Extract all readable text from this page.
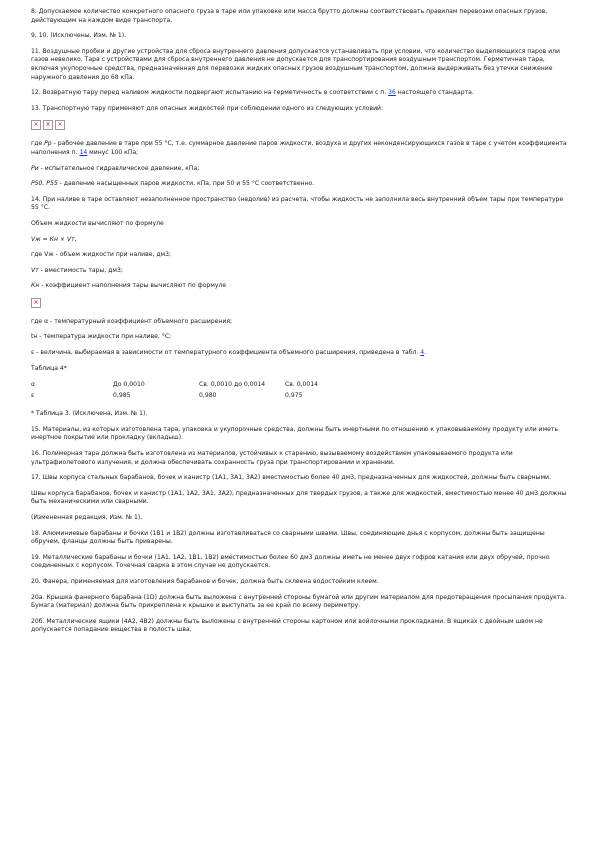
8. Допускаемое количество конкретного опасного груза в таре или упаковке или масса брутто должны соответствовать правилам перевозки опасных грузов, действующим на каждом виде транспорта.

9, 10. (Исключены, Изм. № 1).

11. Воздушные пробки и другие устройства для сброса внутреннего давления допускается устанавливать при условии, что количество выделяющихся паров или газов невелико. Тара с устройствами для сброса внутреннего давления не допускается для транспортирования воздушным транспортом. Герметичная тара, включая укупорочные средства, предназначенная для перевозки жидких опасных грузов воздушным транспортом, должна выдерживать без утечки снижение наружного давления до 68 кПа.

12. Возвратную тару перед наливом жидкости подвергают испытанию на герметичность в соответствии с п. 36 настоящего стандарта.

13. Транспортную тару применяют для опасных жидкостей при соблюдении одного из следующих условий:

× × ×

где Pp - рабочее давление в таре при 55 °С, т.е. суммарное давление паров жидкости, воздуха и других неконденсирующихся газов в таре с учетом коэффициента наполнения п. 14 минус 100 кПа;

Ри - испытательное гидравлическое давление, кПа;

P50, P55 - давление насыщенных паров жидкости, кПа, при 50 и 55 °С соответственно.

14. При наливе в таре оставляют незаполненное пространство (недолив) из расчета, чтобы жидкость не заполнила весь внутренний объем тары при температуре 55 °С.

Объем жидкости вычисляют по формуле

Vж = Кн × Vт,

где Vж - объем жидкости при наливе, дм3;

Vт - вместимость тары, дм3;

Кн - коэффициент наполнения тары вычисляют по формуле

×

где α - температурный коэффициент объемного расширения;

tн - температура жидкости при наливе, °С;

ε - величина, выбираемая в зависимости от температурного коэффициента объемного расширения, приведена в табл. 4.

Таблица 4*

α	До 0,0010	Св. 0,0010 до 0,0014	Св. 0,0014
ε	0,985	0,980	0,975

* Таблица 3. (Исключена, Изм. № 1).

15. Материалы, из которых изготовлена тара, упаковка и укупорочные средства, должны быть инертными по отношению к упаковываемому продукту или иметь инертное покрытие или прокладку (вкладыш).

16. Полимерная тара должна быть изготовлена из материалов, устойчивых к старению, вызываемому воздействием упаковываемого продукта или ультрафиолетового излучения, и должна обеспечивать сохранность груза при транспортировании и хранении.

17. Швы корпуса стальных барабанов, бочек и канистр (1А1, 3А1, 3А2) вместимостью более 40 дм3, предназначенных для жидкостей, должны быть сварными.

Швы корпуса барабанов, бочек и канистр (1А1, 1А2, 3А1, 3А2), предназначенных для твердых грузов, а также для жидкостей, вместимостью менее 40 дм3 должны быть механическими или сварными.

(Измененная редакция, Изм. № 1).

18. Алюминиевые барабаны и бочки (1В1 и 1В2) должны изготавливаться со сварными швами. Швы, соединяющие днья с корпусом, должны быть защищены обручем, фланцы должны быть приварены.

19. Металлические барабаны и бочки (1А1, 1А2, 1В1, 1В2) вместимостью более 60 дм3 должны иметь не менее двух гофров катания или двух обручей, прочно соединенных с корпусом. Точечная сварка в этом случае не допускается.

20. Фанера, применяемая для изготовления барабанов и бочек, должна быть склеена водостойким клеем.

20а. Крышка фанерного барабана (1D) должна быть выложена с внутренней стороны бумагой или другим материалом для предотвращения просыпания продукта. Бумага (материал) должна быть прикреплена к крышке и выступать за ее край по всему периметру.

20б. Металлические ящики (4А2, 4В2) должны быть выложены с внутренней стороны картоном или войлочными прокладками. В ящиках с двойным швом не допускается попадание вещества в полость шва.
